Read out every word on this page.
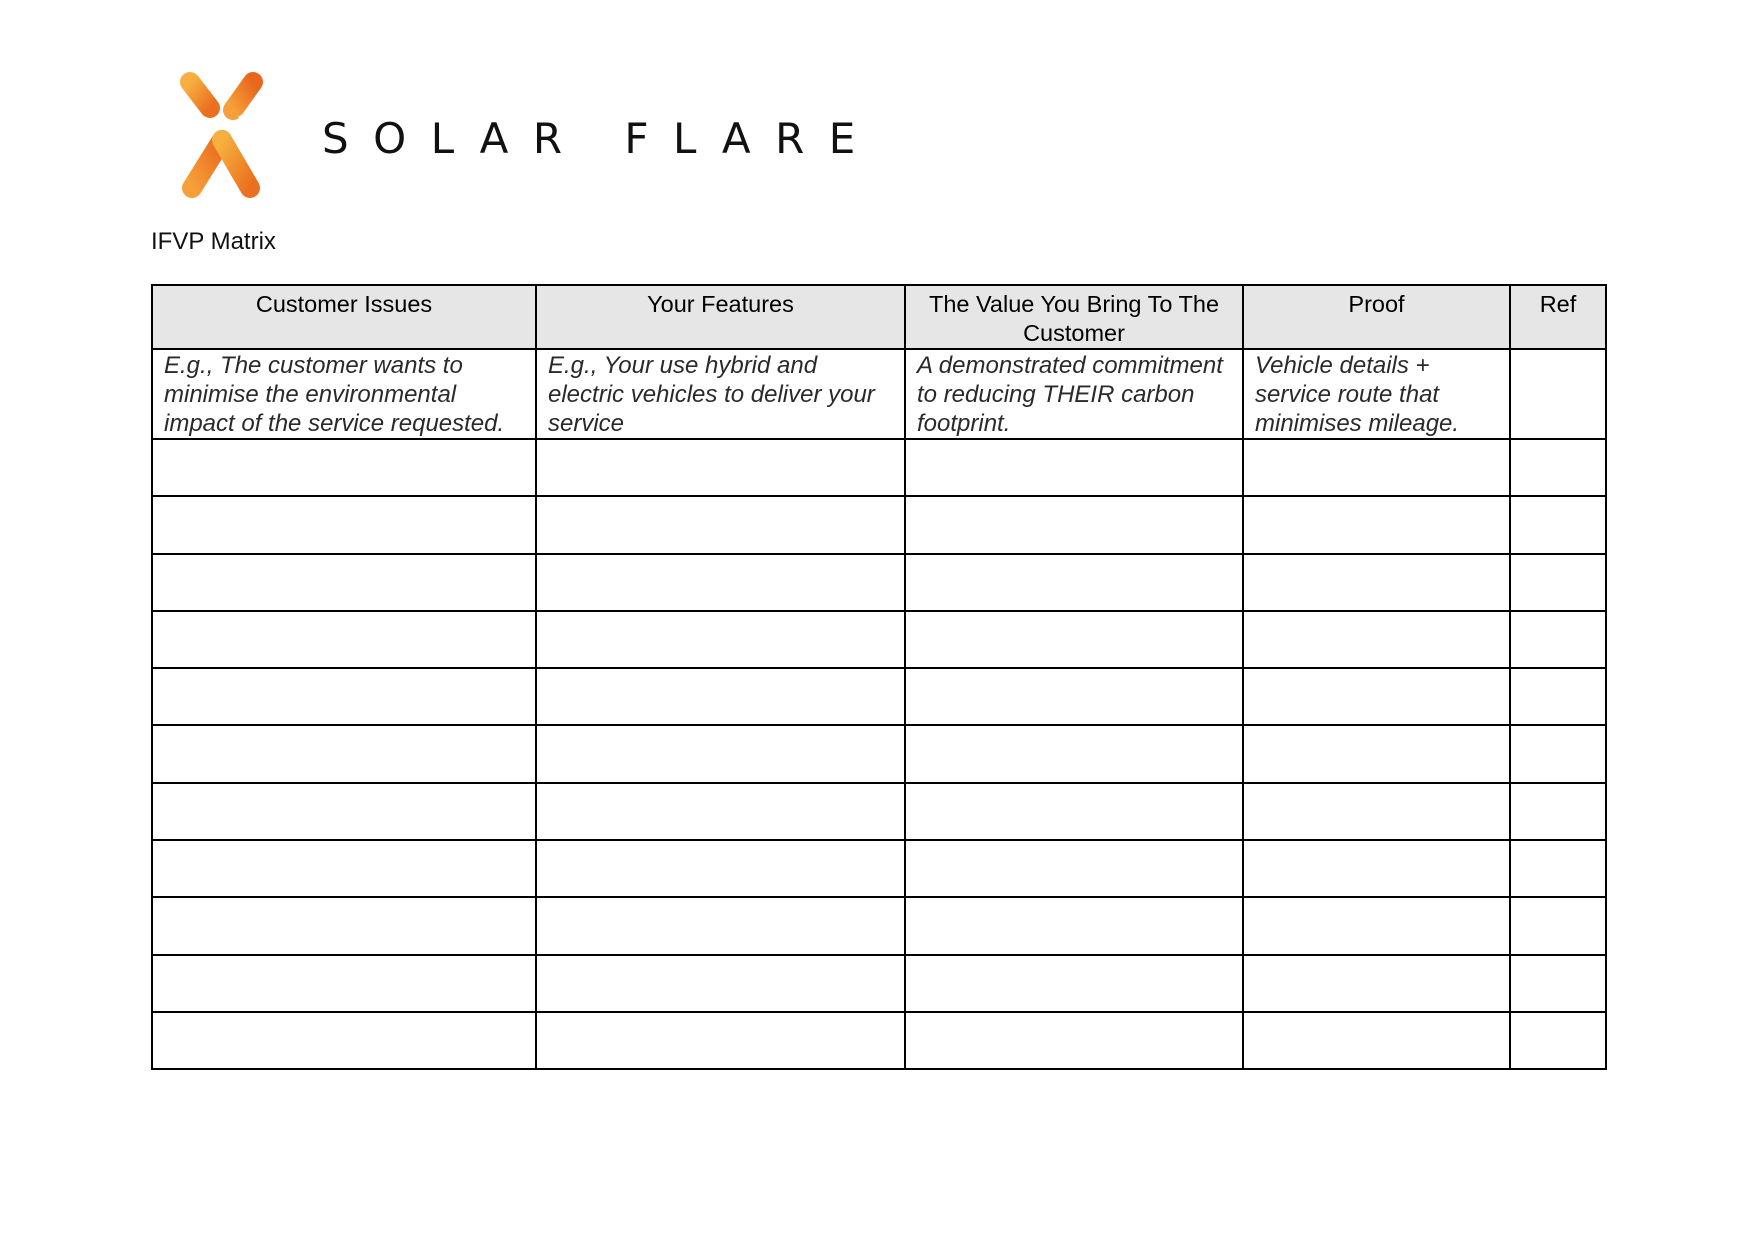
SOLAR FLARE
IFVP Matrix
Customer Issues	Your Features	The Value You Bring To The Customer	Proof	Ref
E.g., The customer wants to minimise the environmental impact of the service requested.	E.g., Your use hybrid and electric vehicles to deliver your service	A demonstrated commitment to reducing THEIR carbon footprint.	Vehicle details + service route that minimises mileage.	
